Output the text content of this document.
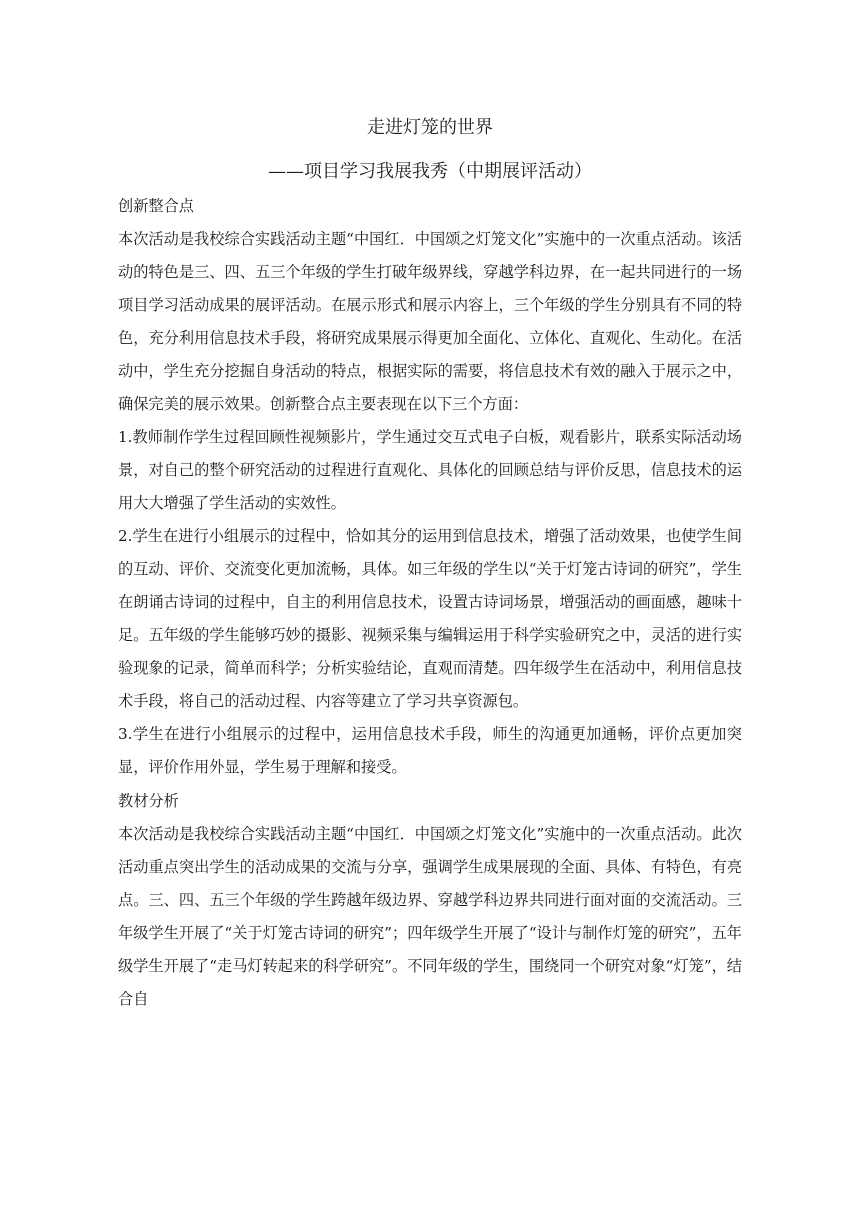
走进灯笼的世界

——项目学习我展我秀（中期展评活动）

创新整合点

本次活动是我校综合实践活动主题“中国红．中国颂之灯笼文化”实施中的一次重点活动。该活动的特色是三、四、五三个年级的学生打破年级界线，穿越学科边界，在一起共同进行的一场项目学习活动成果的展评活动。在展示形式和展示内容上，三个年级的学生分别具有不同的特色，充分利用信息技术手段，将研究成果展示得更加全面化、立体化、直观化、生动化。在活动中，学生充分挖掘自身活动的特点，根据实际的需要，将信息技术有效的融入于展示之中，确保完美的展示效果。创新整合点主要表现在以下三个方面：

1.教师制作学生过程回顾性视频影片，学生通过交互式电子白板，观看影片，联系实际活动场景，对自己的整个研究活动的过程进行直观化、具体化的回顾总结与评价反思，信息技术的运用大大增强了学生活动的实效性。

2.学生在进行小组展示的过程中，恰如其分的运用到信息技术，增强了活动效果，也使学生间的互动、评价、交流变化更加流畅，具体。如三年级的学生以“关于灯笼古诗词的研究”，学生在朗诵古诗词的过程中，自主的利用信息技术，设置古诗词场景，增强活动的画面感，趣味十足。五年级的学生能够巧妙的摄影、视频采集与编辑运用于科学实验研究之中，灵活的进行实验现象的记录，简单而科学；分析实验结论，直观而清楚。四年级学生在活动中，利用信息技术手段，将自己的活动过程、内容等建立了学习共享资源包。

3.学生在进行小组展示的过程中，运用信息技术手段，师生的沟通更加通畅，评价点更加突显，评价作用外显，学生易于理解和接受。

教材分析

本次活动是我校综合实践活动主题“中国红．中国颂之灯笼文化”实施中的一次重点活动。此次活动重点突出学生的活动成果的交流与分享，强调学生成果展现的全面、具体、有特色，有亮点。三、四、五三个年级的学生跨越年级边界、穿越学科边界共同进行面对面的交流活动。三年级学生开展了“关于灯笼古诗词的研究”；四年级学生开展了“设计与制作灯笼的研究”，五年级学生开展了“走马灯转起来的科学研究”。不同年级的学生，围绕同一个研究对象“灯笼”，结合自
